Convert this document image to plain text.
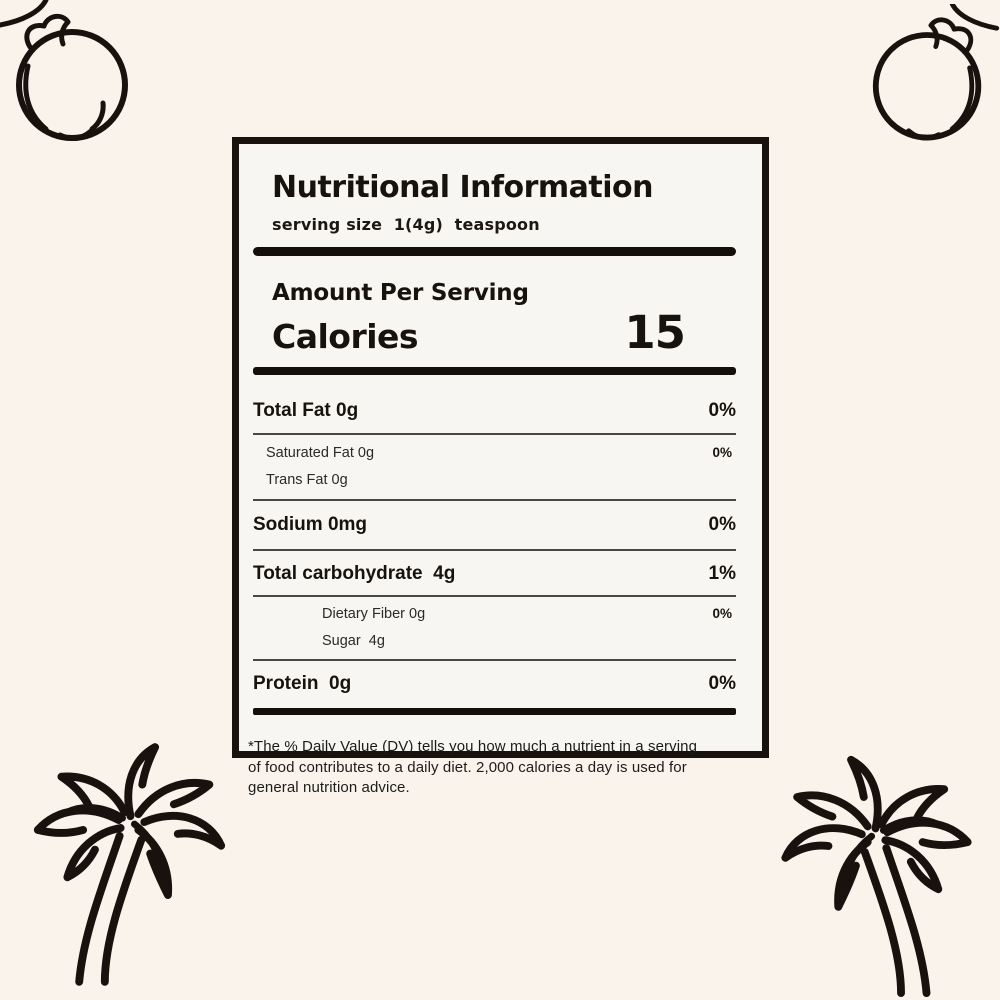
Nutritional Information
serving size  1(4g)  teaspoon
Amount Per Serving
Calories	15
Total Fat 0g	0%
Saturated Fat 0g	0%
Trans Fat 0g
Sodium 0mg	0%
Total carbohydrate  4g	1%
Dietary Fiber 0g	0%
Sugar  4g
Protein  0g	0%
*The % Daily Value (DV) tells you how much a nutrient in a serving of food contributes to a daily diet. 2,000 calories a day is used for general nutrition advice.
